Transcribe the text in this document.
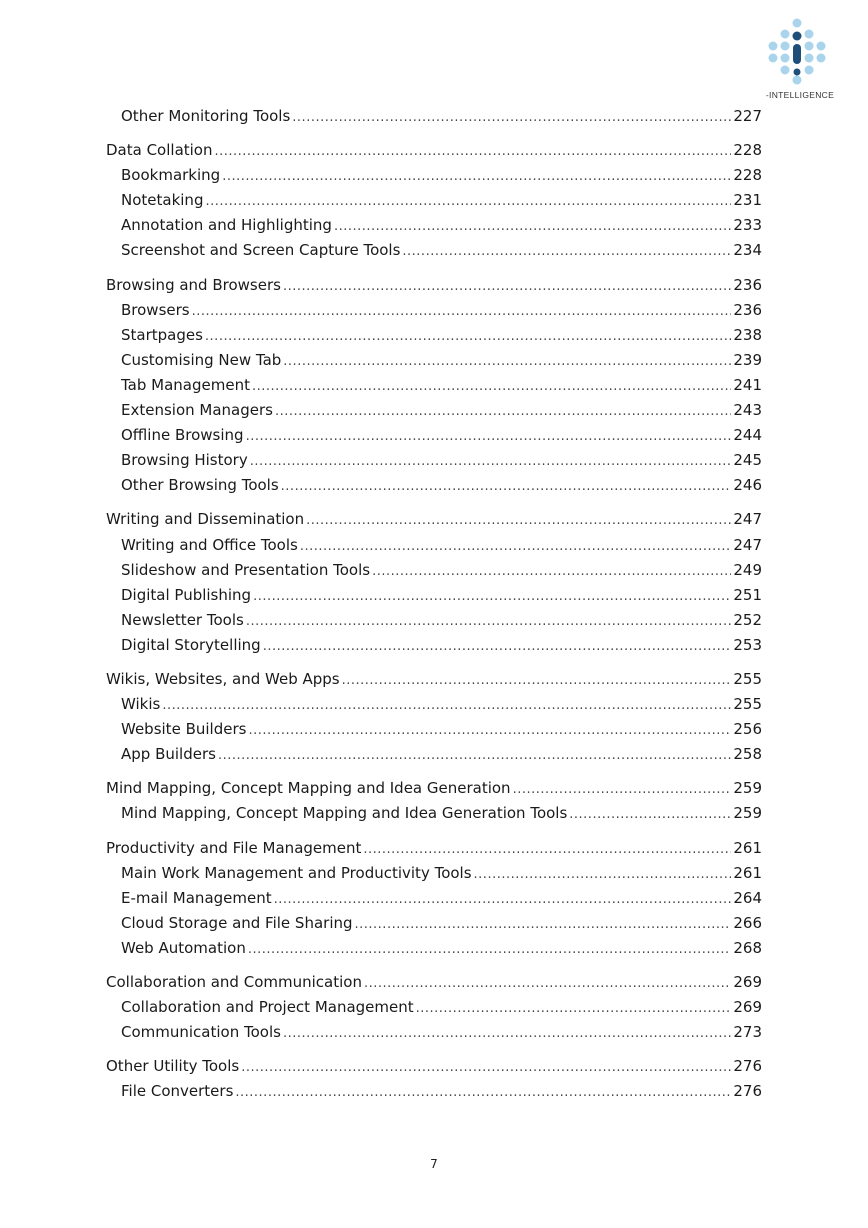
-INTELLIGENCE
Other Monitoring Tools .....	227
Data Collation .....	228
Bookmarking .....	228
Notetaking .....	231
Annotation and Highlighting .....	233
Screenshot and Screen Capture Tools .....	234
Browsing and Browsers .....	236
Browsers .....	236
Startpages .....	238
Customising New Tab .....	239
Tab Management .....	241
Extension Managers .....	243
Offline Browsing .....	244
Browsing History .....	245
Other Browsing Tools .....	246
Writing and Dissemination .....	247
Writing and Office Tools .....	247
Slideshow and Presentation Tools .....	249
Digital Publishing .....	251
Newsletter Tools .....	252
Digital Storytelling .....	253
Wikis, Websites, and Web Apps .....	255
Wikis .....	255
Website Builders .....	256
App Builders .....	258
Mind Mapping, Concept Mapping and Idea Generation .....	259
Mind Mapping, Concept Mapping and Idea Generation Tools .....	259
Productivity and File Management .....	261
Main Work Management and Productivity Tools .....	261
E-mail Management .....	264
Cloud Storage and File Sharing .....	266
Web Automation .....	268
Collaboration and Communication .....	269
Collaboration and Project Management .....	269
Communication Tools .....	273
Other Utility Tools .....	276
File Converters .....	276
7
